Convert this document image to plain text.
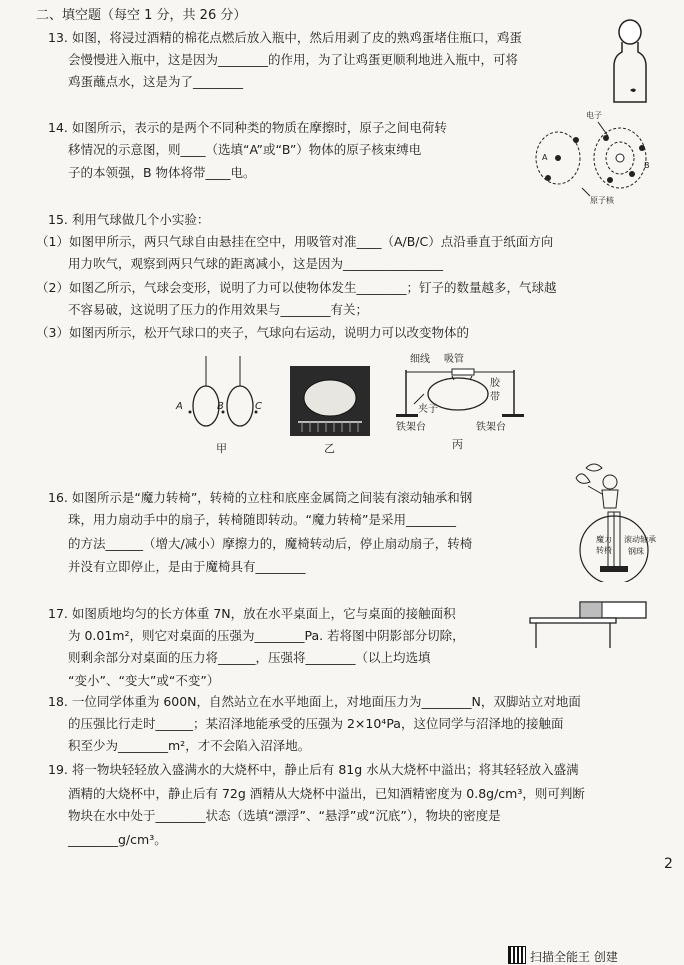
二、填空题（每空 1 分，共 26 分）
13. 如图，将浸过酒精的棉花点燃后放入瓶中，然后用剥了皮的熟鸡蛋堵住瓶口，鸡蛋
会慢慢进入瓶中，这是因为________的作用，为了让鸡蛋更顺利地进入瓶中，可将
鸡蛋蘸点水，这是为了________
14. 如图所示，表示的是两个不同种类的物质在摩擦时，原子之间电荷转
移情况的示意图，则____（选填“A”或“B”）物体的原子核束缚电
子的本领强，B 物体将带____电。
电子
A
B
原子核
15. 利用气球做几个小实验：
（1）如图甲所示，两只气球自由悬挂在空中，用吸管对准____（A/B/C）点沿垂直于纸面方向
用力吹气，观察到两只气球的距离减小，这是因为________________
（2）如图乙所示，气球会变形，说明了力可以使物体发生________；钉子的数量越多，气球越
不容易破，这说明了压力的作用效果与________有关；
（3）如图丙所示，松开气球口的夹子，气球向右运动，说明力可以改变物体的
A	B	C
甲	乙
细线 吸管
胶
带
夹子
铁架台	铁架台
丙
16. 如图所示是“魔力转椅”，转椅的立柱和底座金属筒之间装有滚动轴承和钢
珠，用力扇动手中的扇子，转椅随即转动。“魔力转椅”是采用________
的方法______（增大/减小）摩擦力的，魔椅转动后，停止扇动扇子，转椅
并没有立即停止，是由于魔椅具有________
魔力
转椅
滚动轴承
钢珠
17. 如图质地均匀的长方体重 7N，放在水平桌面上，它与桌面的接触面积
为 0.01m²，则它对桌面的压强为________Pa. 若将图中阴影部分切除，
则剩余部分对桌面的压力将______，压强将________（以上均选填
“变小”、“变大”或“不变”）
18. 一位同学体重为 600N，自然站立在水平地面上，对地面压力为________N，双脚站立对地面
的压强比行走时______；某沼泽地能承受的压强为 2×10⁴Pa，这位同学与沼泽地的接触面
积至少为________m²，才不会陷入沼泽地。
19. 将一物块轻轻放入盛满水的大烧杯中，静止后有 81g 水从大烧杯中溢出；将其轻轻放入盛满
酒精的大烧杯中，静止后有 72g 酒精从大烧杯中溢出，已知酒精密度为 0.8g/cm³，则可判断
物块在水中处于________状态（选填“漂浮”、“悬浮”或“沉底”），物块的密度是
________g/cm³。
2
扫描全能王 创建
